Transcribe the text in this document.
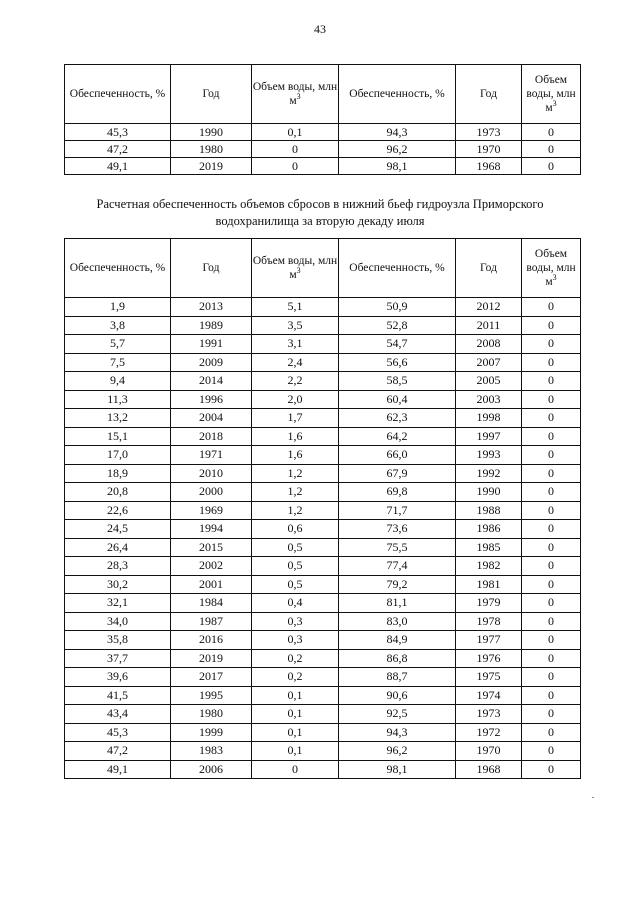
43
Обеспеченность, %	Год	Объем воды, млн $м^3$	Обеспеченность, %	Год	Объем воды, млн $м^3$
45,3	1990	0,1	94,3	1973	0
47,2	1980	0	96,2	1970	0
49,1	2019	0	98,1	1968	0
Расчетная обеспеченность объемов сбросов в нижний бьеф гидроузла Приморского
водохранилища за вторую декаду июля
Обеспеченность, %	Год	Объем воды, млн $м^3$	Обеспеченность, %	Год	Объем воды, млн $м^3$
1,9	2013	5,1	50,9	2012	0
3,8	1989	3,5	52,8	2011	0
5,7	1991	3,1	54,7	2008	0
7,5	2009	2,4	56,6	2007	0
9,4	2014	2,2	58,5	2005	0
11,3	1996	2,0	60,4	2003	0
13,2	2004	1,7	62,3	1998	0
15,1	2018	1,6	64,2	1997	0
17,0	1971	1,6	66,0	1993	0
18,9	2010	1,2	67,9	1992	0
20,8	2000	1,2	69,8	1990	0
22,6	1969	1,2	71,7	1988	0
24,5	1994	0,6	73,6	1986	0
26,4	2015	0,5	75,5	1985	0
28,3	2002	0,5	77,4	1982	0
30,2	2001	0,5	79,2	1981	0
32,1	1984	0,4	81,1	1979	0
34,0	1987	0,3	83,0	1978	0
35,8	2016	0,3	84,9	1977	0
37,7	2019	0,2	86,8	1976	0
39,6	2017	0,2	88,7	1975	0
41,5	1995	0,1	90,6	1974	0
43,4	1980	0,1	92,5	1973	0
45,3	1999	0,1	94,3	1972	0
47,2	1983	0,1	96,2	1970	0
49,1	2006	0	98,1	1968	0
